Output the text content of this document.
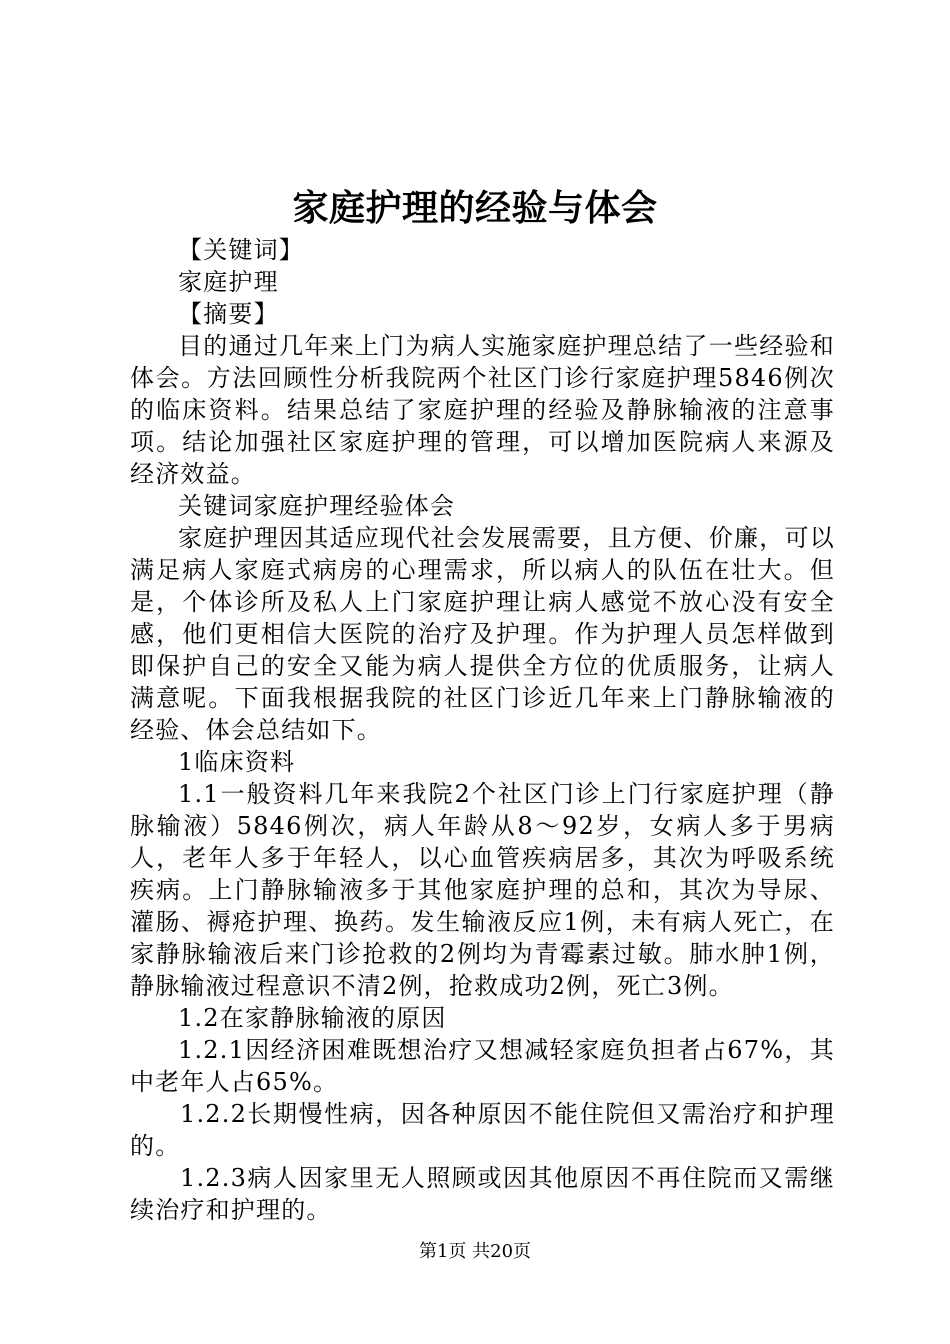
家庭护理的经验与体会

【关键词】

家庭护理

【摘要】

目的通过几年来上门为病人实施家庭护理总结了一些经验和体会。方法回顾性分析我院两个社区门诊行家庭护理5846例次的临床资料。结果总结了家庭护理的经验及静脉输液的注意事项。结论加强社区家庭护理的管理，可以增加医院病人来源及经济效益。

关键词家庭护理经验体会

家庭护理因其适应现代社会发展需要，且方便、价廉，可以满足病人家庭式病房的心理需求，所以病人的队伍在壮大。但是，个体诊所及私人上门家庭护理让病人感觉不放心没有安全感，他们更相信大医院的治疗及护理。作为护理人员怎样做到即保护自己的安全又能为病人提供全方位的优质服务，让病人满意呢。下面我根据我院的社区门诊近几年来上门静脉输液的经验、体会总结如下。

1临床资料

1.1一般资料几年来我院2个社区门诊上门行家庭护理（静脉输液）5846例次，病人年龄从8～92岁，女病人多于男病人，老年人多于年轻人，以心血管疾病居多，其次为呼吸系统疾病。上门静脉输液多于其他家庭护理的总和，其次为导尿、灌肠、褥疮护理、换药。发生输液反应1例，未有病人死亡，在家静脉输液后来门诊抢救的2例均为青霉素过敏。肺水肿1例，静脉输液过程意识不清2例，抢救成功2例，死亡3例。

1.2在家静脉输液的原因

1.2.1因经济困难既想治疗又想减轻家庭负担者占67%，其中老年人占65%。

1.2.2长期慢性病，因各种原因不能住院但又需治疗和护理的。

1.2.3病人因家里无人照顾或因其他原因不再住院而又需继续治疗和护理的。

第1页 共20页
